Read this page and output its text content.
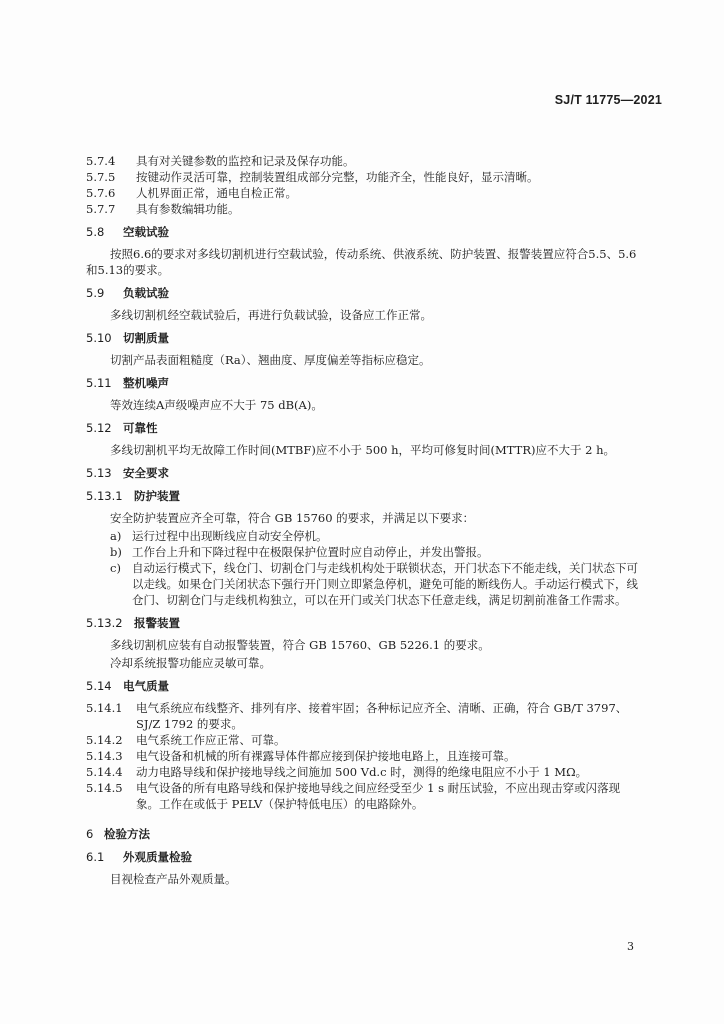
SJ/T 11775—2021
5.7.4	具有对关键参数的监控和记录及保存功能。
5.7.5	按键动作灵活可靠，控制装置组成部分完整，功能齐全，性能良好，显示清晰。
5.7.6	人机界面正常，通电自检正常。
5.7.7	具有参数编辑功能。
5.8	空载试验

按照6.6的要求对多线切割机进行空载试验，传动系统、供液系统、防护装置、报警装置应符合5.5、5.6和5.13的要求。

5.9	负载试验

多线切割机经空载试验后，再进行负载试验，设备应工作正常。

5.10 切割质量

切割产品表面粗糙度（Ra）、翘曲度、厚度偏差等指标应稳定。

5.11 整机噪声

等效连续A声级噪声应不大于 75 dB(A)。

5.12 可靠性

多线切割机平均无故障工作时间(MTBF)应不小于 500 h，平均可修复时间(MTTR)应不大于 2 h。

5.13 安全要求
5.13.1 防护装置

安全防护装置应齐全可靠，符合 GB 15760 的要求，并满足以下要求：

a) 运行过程中出现断线应自动安全停机。
b) 工作台上升和下降过程中在极限保护位置时应自动停止，并发出警报。
c) 自动运行模式下，线仓门、切割仓门与走线机构处于联锁状态，开门状态下不能走线，关门状态下可以走线。如果仓门关闭状态下强行开门则立即紧急停机，避免可能的断线伤人。手动运行模式下，线仓门、切割仓门与走线机构独立，可以在开门或关门状态下任意走线，满足切割前准备工作需求。
5.13.2 报警装置

多线切割机应装有自动报警装置，符合 GB 15760、GB 5226.1 的要求。

冷却系统报警功能应灵敏可靠。

5.14 电气质量
5.14.1	电气系统应布线整齐、排列有序、接着牢固；各种标记应齐全、清晰、正确，符合 GB/T 3797、SJ/Z 1792 的要求。
5.14.2	电气系统工作应正常、可靠。
5.14.3	电气设备和机械的所有裸露导体件都应接到保护接地电路上，且连接可靠。
5.14.4	动力电路导线和保护接地导线之间施加 500 Vd.c 时，测得的绝缘电阻应不小于 1 MΩ。
5.14.5	电气设备的所有电路导线和保护接地导线之间应经受至少 1 s 耐压试验，不应出现击穿或闪落现象。工作在或低于 PELV（保护特低电压）的电路除外。
6 检验方法
6.1	外观质量检验

目视检查产品外观质量。

3
